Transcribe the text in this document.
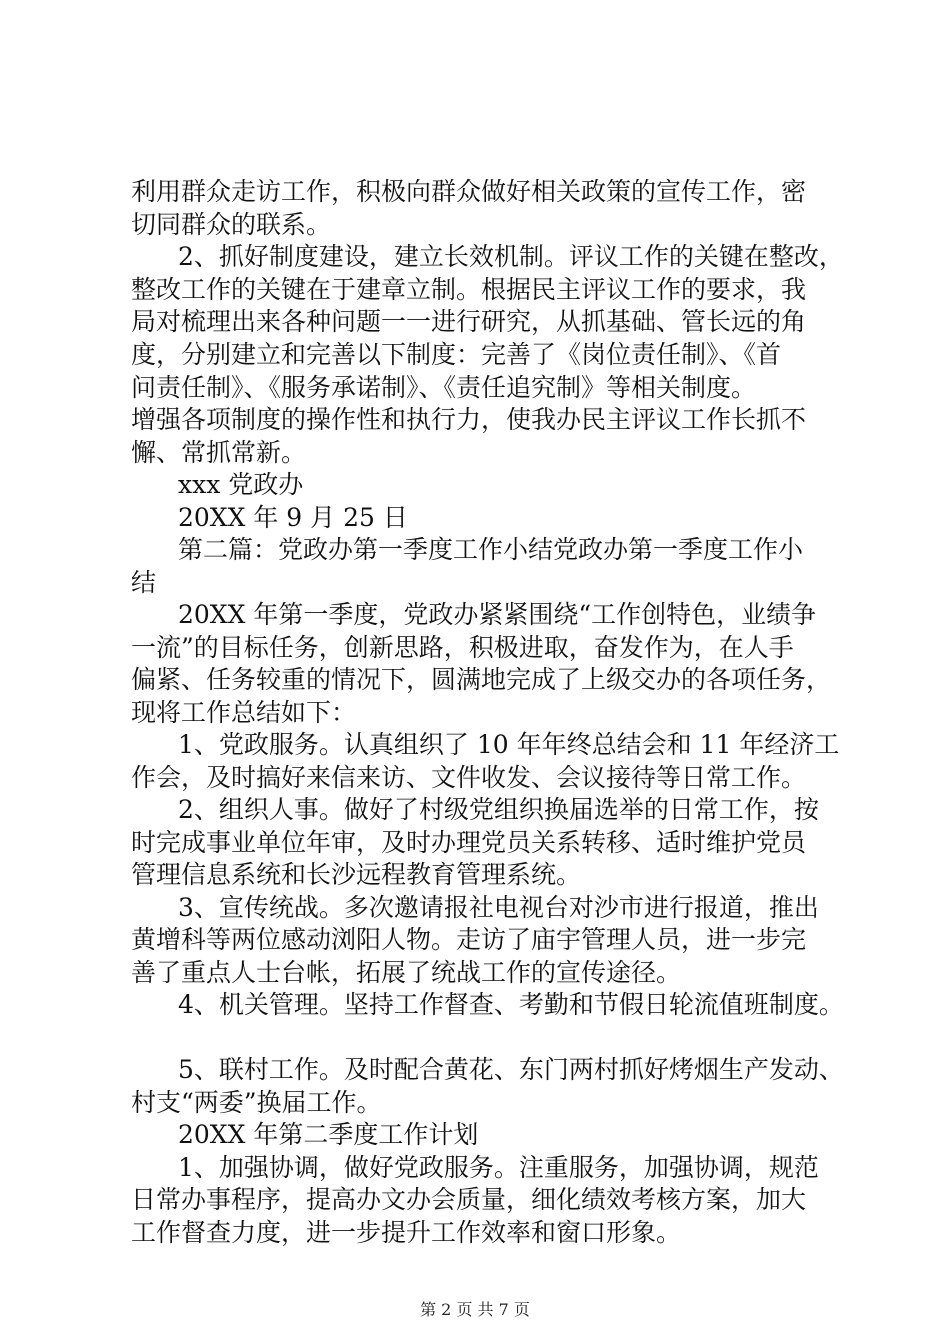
利用群众走访工作，积极向群众做好相关政策的宣传工作，密
切同群众的联系。
2、抓好制度建设，建立长效机制。评议工作的关键在整改，
整改工作的关键在于建章立制。根据民主评议工作的要求，我
局对梳理出来各种问题一一进行研究，从抓基础、管长远的角
度，分别建立和完善以下制度：完善了《岗位责任制》、《首
问责任制》、《服务承诺制》、《责任追究制》等相关制度。
增强各项制度的操作性和执行力，使我办民主评议工作长抓不
懈、常抓常新。
xxx 党政办
20XX 年 9 月 25 日
第二篇：党政办第一季度工作小结党政办第一季度工作小
结
20XX 年第一季度，党政办紧紧围绕“工作创特色，业绩争
一流”的目标任务，创新思路，积极进取，奋发作为，在人手
偏紧、任务较重的情况下，圆满地完成了上级交办的各项任务，
现将工作总结如下：
1、党政服务。认真组织了 10 年年终总结会和 11 年经济工
作会，及时搞好来信来访、文件收发、会议接待等日常工作。
2、组织人事。做好了村级党组织换届选举的日常工作，按
时完成事业单位年审，及时办理党员关系转移、适时维护党员
管理信息系统和长沙远程教育管理系统。
3、宣传统战。多次邀请报社电视台对沙市进行报道，推出
黄增科等两位感动浏阳人物。走访了庙宇管理人员，进一步完
善了重点人士台帐，拓展了统战工作的宣传途径。
4、机关管理。坚持工作督查、考勤和节假日轮流值班制度。
5、联村工作。及时配合黄花、东门两村抓好烤烟生产发动、
村支“两委”换届工作。
20XX 年第二季度工作计划
1、加强协调，做好党政服务。注重服务，加强协调，规范
日常办事程序，提高办文办会质量，细化绩效考核方案，加大
工作督查力度，进一步提升工作效率和窗口形象。
第 2 页 共 7 页
